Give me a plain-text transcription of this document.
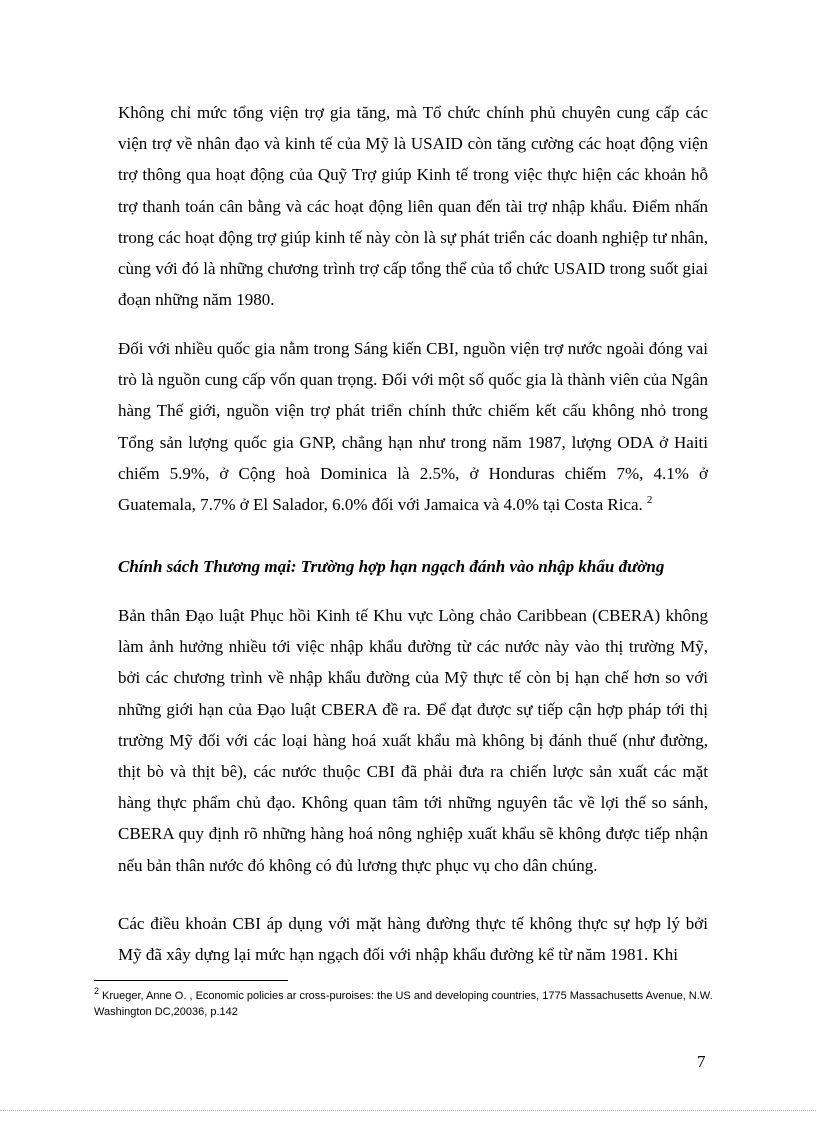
Không chỉ mức tổng viện trợ gia tăng, mà Tổ chức chính phủ chuyên cung cấp các viện trợ về nhân đạo và kinh tế của Mỹ là USAID còn tăng cường các hoạt động viện trợ thông qua hoạt động của Quỹ Trợ giúp Kinh tế trong việc thực hiện các khoản hỗ trợ thanh toán cân bằng và các hoạt động liên quan đến tài trợ nhập khẩu. Điểm nhấn trong các hoạt động trợ giúp kinh tế này còn là sự phát triển các doanh nghiệp tư nhân, cùng với đó là những chương trình trợ cấp tổng thể của tổ chức USAID trong suốt giai đoạn những năm 1980.

Đối với nhiều quốc gia nằm trong Sáng kiến CBI, nguồn viện trợ nước ngoài đóng vai trò là nguồn cung cấp vốn quan trọng. Đối với một số quốc gia là thành viên của Ngân hàng Thế giới, nguồn viện trợ phát triển chính thức chiếm kết cấu không nhỏ trong Tổng sản lượng quốc gia GNP, chẳng hạn như trong năm 1987, lượng ODA ở Haiti chiếm 5.9%, ở Cộng hoà Dominica là 2.5%, ở Honduras chiếm 7%, 4.1% ở Guatemala, 7.7% ở El Salador, 6.0% đối với Jamaica và 4.0% tại Costa Rica. $^2$

Chính sách Thương mại: Trường hợp hạn ngạch đánh vào nhập khẩu đường

Bản thân Đạo luật Phục hồi Kinh tế Khu vực Lòng chảo Caribbean (CBERA) không làm ảnh hưởng nhiều tới việc nhập khẩu đường từ các nước này vào thị trường Mỹ, bởi các chương trình về nhập khẩu đường của Mỹ thực tế còn bị hạn chế hơn so với những giới hạn của Đạo luật CBERA đề ra. Để đạt được sự tiếp cận hợp pháp tới thị trường Mỹ đối với các loại hàng hoá xuất khẩu mà không bị đánh thuế (như đường, thịt bò và thịt bê), các nước thuộc CBI đã phải đưa ra chiến lược sản xuất các mặt hàng thực phẩm chủ đạo. Không quan tâm tới những nguyên tắc về lợi thế so sánh, CBERA quy định rõ những hàng hoá nông nghiệp xuất khẩu sẽ không được tiếp nhận nếu bản thân nước đó không có đủ lương thực phục vụ cho dân chúng.

Các điều khoản CBI áp dụng với mặt hàng đường thực tế không thực sự hợp lý bởi Mỹ đã xây dựng lại mức hạn ngạch đối với nhập khẩu đường kể từ năm 1981. Khi

$^2$ Krueger, Anne O. , Economic policies ar cross-puroises: the US and developing countries, 1775 Massachusetts Avenue, N.W. Washington DC,20036, p.142

7
